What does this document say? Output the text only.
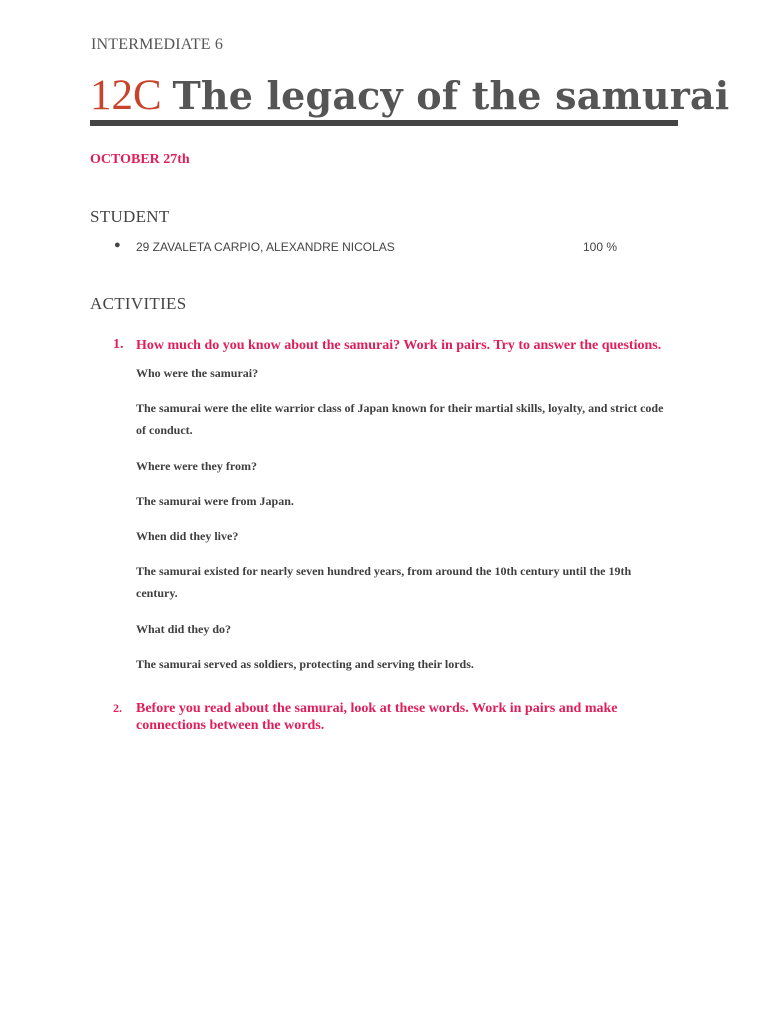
INTERMEDIATE 6
12C The legacy of the samurai
OCTOBER 27th
STUDENT
● 29 ZAVALETA CARPIO, ALEXANDRE NICOLAS	100 %
ACTIVITIES
1. How much do you know about the samurai? Work in pairs. Try to answer the questions.
Who were the samurai?
The samurai were the elite warrior class of Japan known for their martial skills, loyalty, and strict code of conduct.
Where were they from?
The samurai were from Japan.
When did they live?
The samurai existed for nearly seven hundred years, from around the 10th century until the 19th century.
What did they do?
The samurai served as soldiers, protecting and serving their lords.
2. Before you read about the samurai, look at these words. Work in pairs and make connections between the words.
